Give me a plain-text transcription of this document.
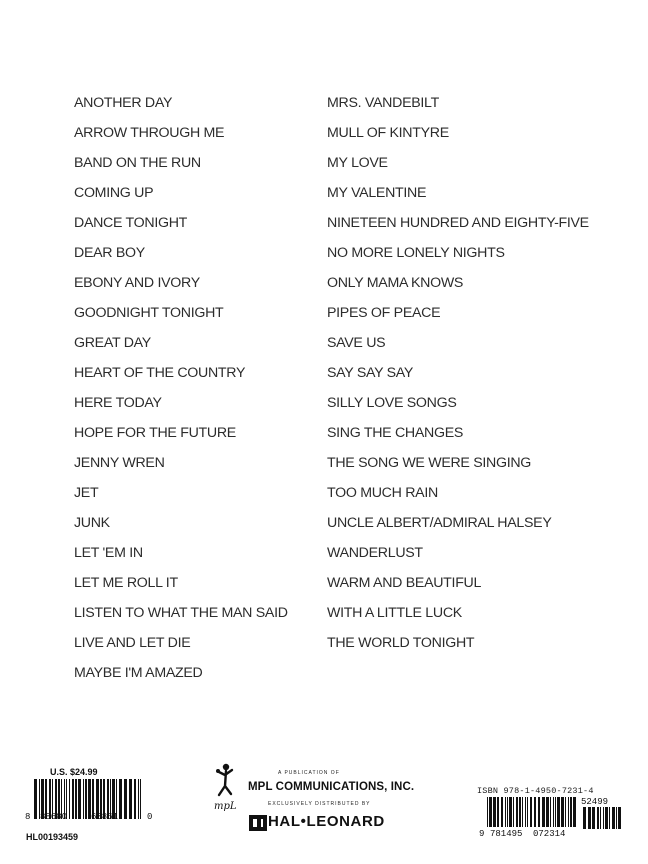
ANOTHER DAY
ARROW THROUGH ME
BAND ON THE RUN
COMING UP
DANCE TONIGHT
DEAR BOY
EBONY AND IVORY
GOODNIGHT TONIGHT
GREAT DAY
HEART OF THE COUNTRY
HERE TODAY
HOPE FOR THE FUTURE
JENNY WREN
JET
JUNK
LET 'EM IN
LET ME ROLL IT
LISTEN TO WHAT THE MAN SAID
LIVE AND LET DIE
MAYBE I'M AMAZED
MRS. VANDEBILT
MULL OF KINTYRE
MY LOVE
MY VALENTINE
NINETEEN HUNDRED AND EIGHTY-FIVE
NO MORE LONELY NIGHTS
ONLY MAMA KNOWS
PIPES OF PEACE
SAVE US
SAY SAY SAY
SILLY LOVE SONGS
SING THE CHANGES
THE SONG WE WERE SINGING
TOO MUCH RAIN
UNCLE ALBERT/ADMIRAL HALSEY
WANDERLUST
WARM AND BEAUTIFUL
WITH A LITTLE LUCK
THE WORLD TONIGHT
U.S. $24.99
8 88680	63861	0
HL00193459
mpL
A PUBLICATION OF
MPL COMMUNICATIONS, INC.
EXCLUSIVELY DISTRIBUTED BY
HAL•LEONARD
ISBN 978-1-4950-7231-4
52499
9 781495 072314
